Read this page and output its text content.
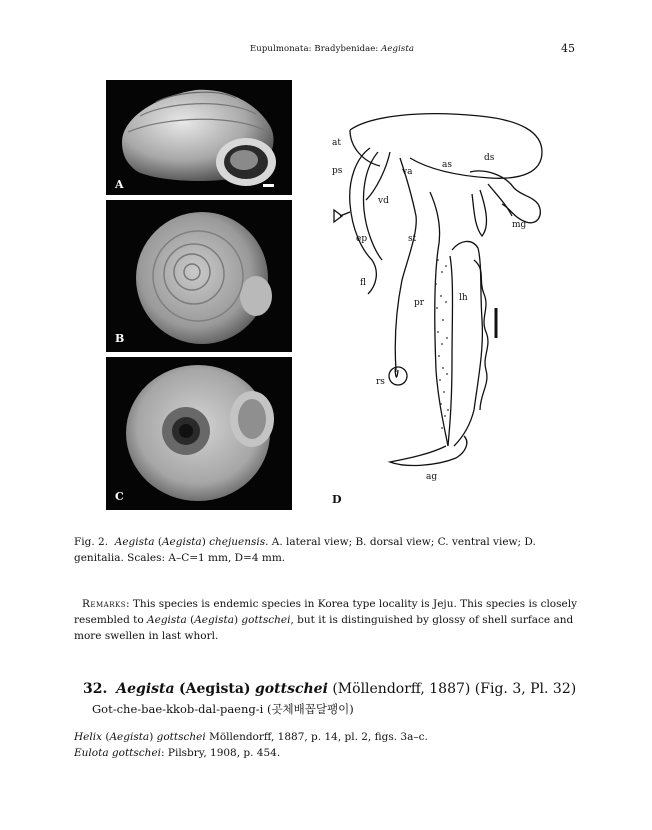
Eupulmonata: Bradybenidae: Aegista	45
A
B
C
at
ps	va
as
ds
vd
mg
ep	st
fl
pr	lh
rs
ag
D
Fig. 2. Aegista (Aegista) chejuensis. A. lateral view; B. dorsal view; C. ventral view; D. genitalia. Scales: A–C=1 mm, D=4 mm.
Remarks: This species is endemic species in Korea type locality is Jeju. This species is closely resembled to Aegista (Aegista) gottschei, but it is distinguished by glossy of shell surface and more swellen in last whorl.
32. Aegista (Aegista) gottschei (Möllendorff, 1887) (Fig. 3, Pl. 32)
Got-che-bae-kkob-dal-paeng-i (곳체배꼽달팽이)
Helix (Aegista) gottschei Möllendorff, 1887, p. 14, pl. 2, figs. 3a–c.
Eulota gottschei: Pilsbry, 1908, p. 454.
